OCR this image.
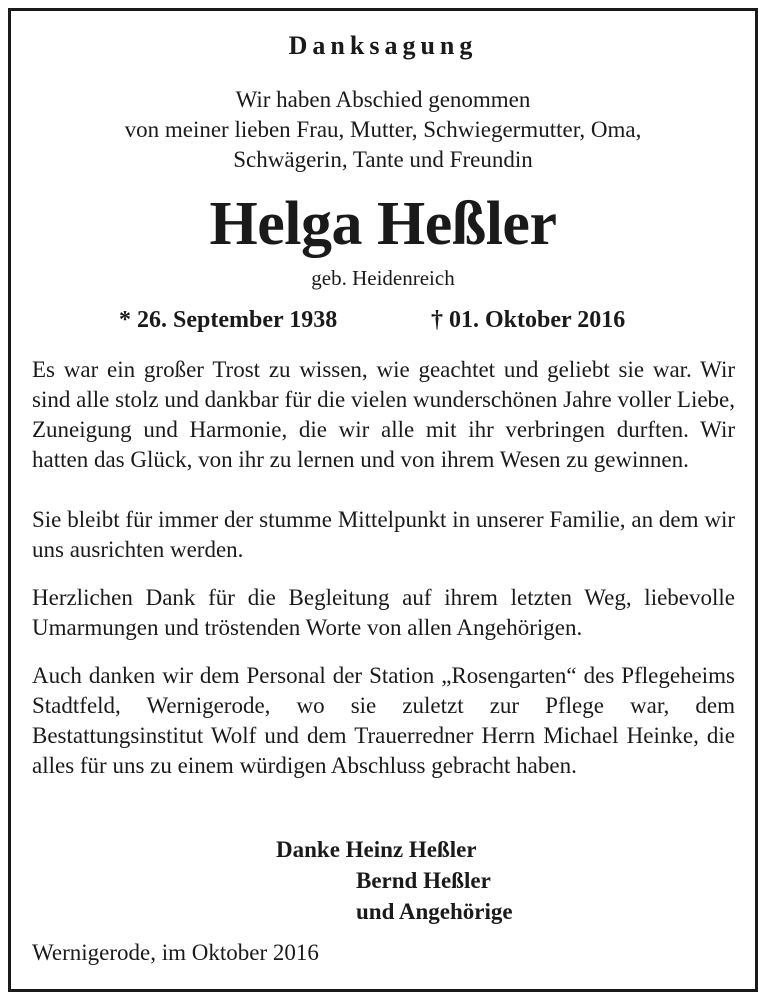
Danksagung
Wir haben Abschied genommen
von meiner lieben Frau, Mutter, Schwiegermutter, Oma,
Schwägerin, Tante und Freundin
Helga Heßler
geb. Heidenreich
* 26. September 1938	† 01. Oktober 2016

Es war ein großer Trost zu wissen, wie geachtet und geliebt sie war. Wir sind alle stolz und dankbar für die vielen wunderschönen Jahre voller Liebe, Zuneigung und Harmonie, die wir alle mit ihr verbringen durften. Wir hatten das Glück, von ihr zu lernen und von ihrem Wesen zu gewinnen.

Sie bleibt für immer der stumme Mittelpunkt in unserer Familie, an dem wir uns ausrichten werden.

Herzlichen Dank für die Begleitung auf ihrem letzten Weg, liebevolle Umarmungen und tröstenden Worte von allen Angehörigen.

Auch danken wir dem Personal der Station „Rosengarten“ des Pflegeheims Stadtfeld, Wernigerode, wo sie zuletzt zur Pflege war, dem Bestattungsinstitut Wolf und dem Trauerredner Herrn Michael Heinke, die alles für uns zu einem würdigen Abschluss gebracht haben.

Danke Heinz Heßler
Bernd Heßler
und Angehörige
Wernigerode, im Oktober 2016
